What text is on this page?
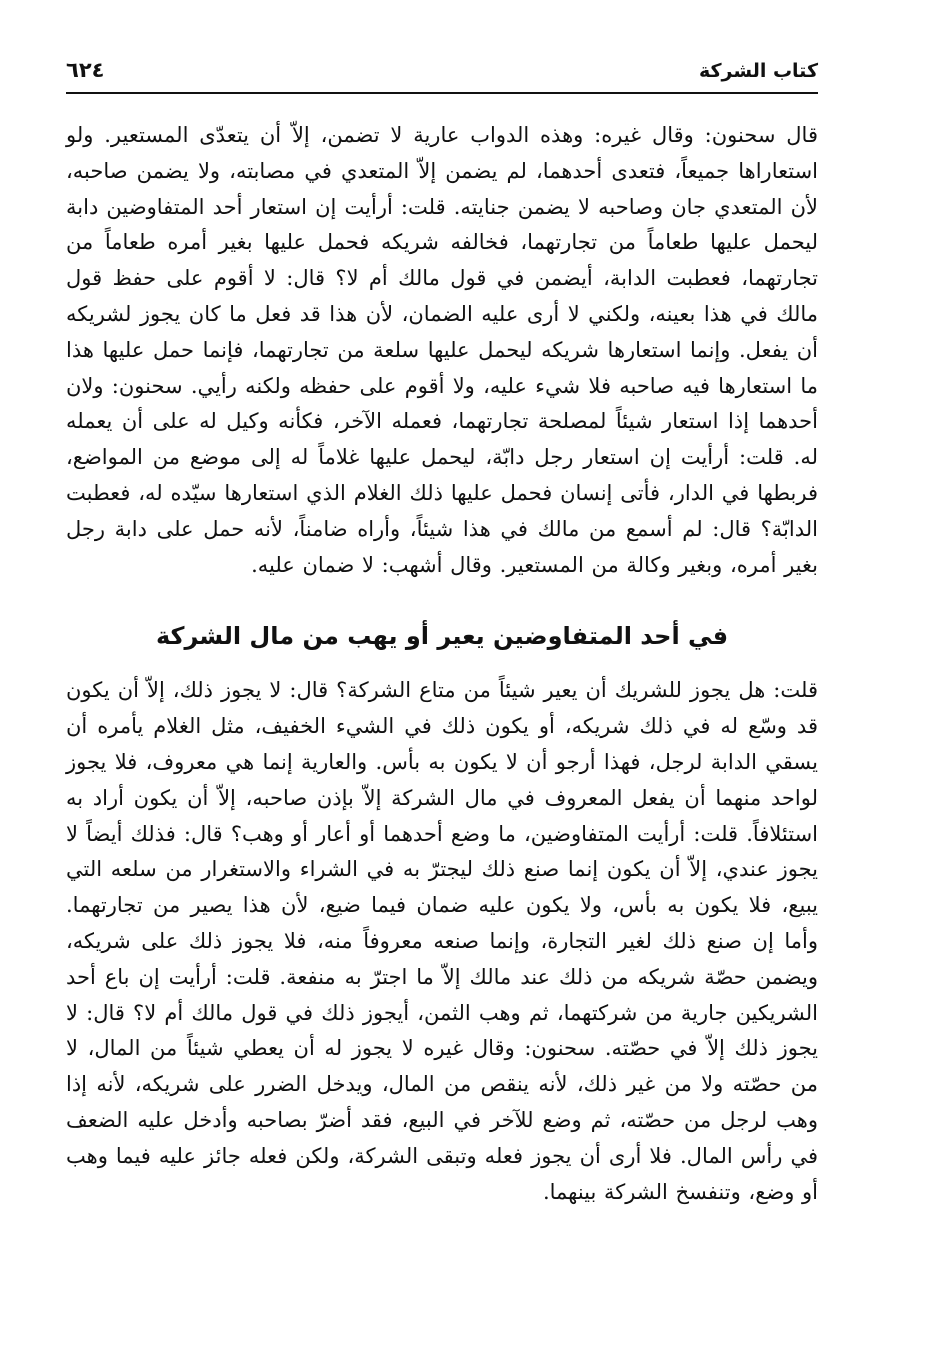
كتاب الشركة
٦٢٤

قال سحنون: وقال غيره: وهذه الدواب عارية لا تضمن، إلاّ أن يتعدّى المستعير. ولو استعاراها جميعاً، فتعدى أحدهما، لم يضمن إلاّ المتعدي في مصابته، ولا يضمن صاحبه، لأن المتعدي جان وصاحبه لا يضمن جنايته. قلت: أرأيت إن استعار أحد المتفاوضين دابة ليحمل عليها طعاماً من تجارتهما، فخالفه شريكه فحمل عليها بغير أمره طعاماً من تجارتهما، فعطبت الدابة، أيضمن في قول مالك أم لا؟ قال: لا أقوم على حفظ قول مالك في هذا بعينه، ولكني لا أرى عليه الضمان، لأن هذا قد فعل ما كان يجوز لشريكه أن يفعل. وإنما استعارها شريكه ليحمل عليها سلعة من تجارتهما، فإنما حمل عليها هذا ما استعارها فيه صاحبه فلا شيء عليه، ولا أقوم على حفظه ولكنه رأيي. سحنون: ولان أحدهما إذا استعار شيئاً لمصلحة تجارتهما، فعمله الآخر، فكأنه وكيل له على أن يعمله له. قلت: أرأيت إن استعار رجل دابّة، ليحمل عليها غلاماً له إلى موضع من المواضع، فربطها في الدار، فأتى إنسان فحمل عليها ذلك الغلام الذي استعارها سيّده له، فعطبت الدابّة؟ قال: لم أسمع من مالك في هذا شيئاً، وأراه ضامناً، لأنه حمل على دابة رجل بغير أمره، وبغير وكالة من المستعير. وقال أشهب: لا ضمان عليه.

في أحد المتفاوضين يعير أو يهب من مال الشركة

قلت: هل يجوز للشريك أن يعير شيئاً من متاع الشركة؟ قال: لا يجوز ذلك، إلاّ أن يكون قد وسّع له في ذلك شريكه، أو يكون ذلك في الشيء الخفيف، مثل الغلام يأمره أن يسقي الدابة لرجل، فهذا أرجو أن لا يكون به بأس. والعارية إنما هي معروف، فلا يجوز لواحد منهما أن يفعل المعروف في مال الشركة إلاّ بإذن صاحبه، إلاّ أن يكون أراد به استئلافاً. قلت: أرأيت المتفاوضين، ما وضع أحدهما أو أعار أو وهب؟ قال: فذلك أيضاً لا يجوز عندي، إلاّ أن يكون إنما صنع ذلك ليجترّ به في الشراء والاستغرار من سلعه التي يبيع، فلا يكون به بأس، ولا يكون عليه ضمان فيما ضيع، لأن هذا يصير من تجارتهما. وأما إن صنع ذلك لغير التجارة، وإنما صنعه معروفاً منه، فلا يجوز ذلك على شريكه، ويضمن حصّة شريكه من ذلك عند مالك إلاّ ما اجترّ به منفعة. قلت: أرأيت إن باع أحد الشريكين جارية من شركتهما، ثم وهب الثمن، أيجوز ذلك في قول مالك أم لا؟ قال: لا يجوز ذلك إلاّ في حصّته. سحنون: وقال غيره لا يجوز له أن يعطي شيئاً من المال، لا من حصّته ولا من غير ذلك، لأنه ينقص من المال، ويدخل الضرر على شريكه، لأنه إذا وهب لرجل من حصّته، ثم وضع للآخر في البيع، فقد أضرّ بصاحبه وأدخل عليه الضعف في رأس المال. فلا أرى أن يجوز فعله وتبقى الشركة، ولكن فعله جائز عليه فيما وهب أو وضع، وتنفسخ الشركة بينهما.
